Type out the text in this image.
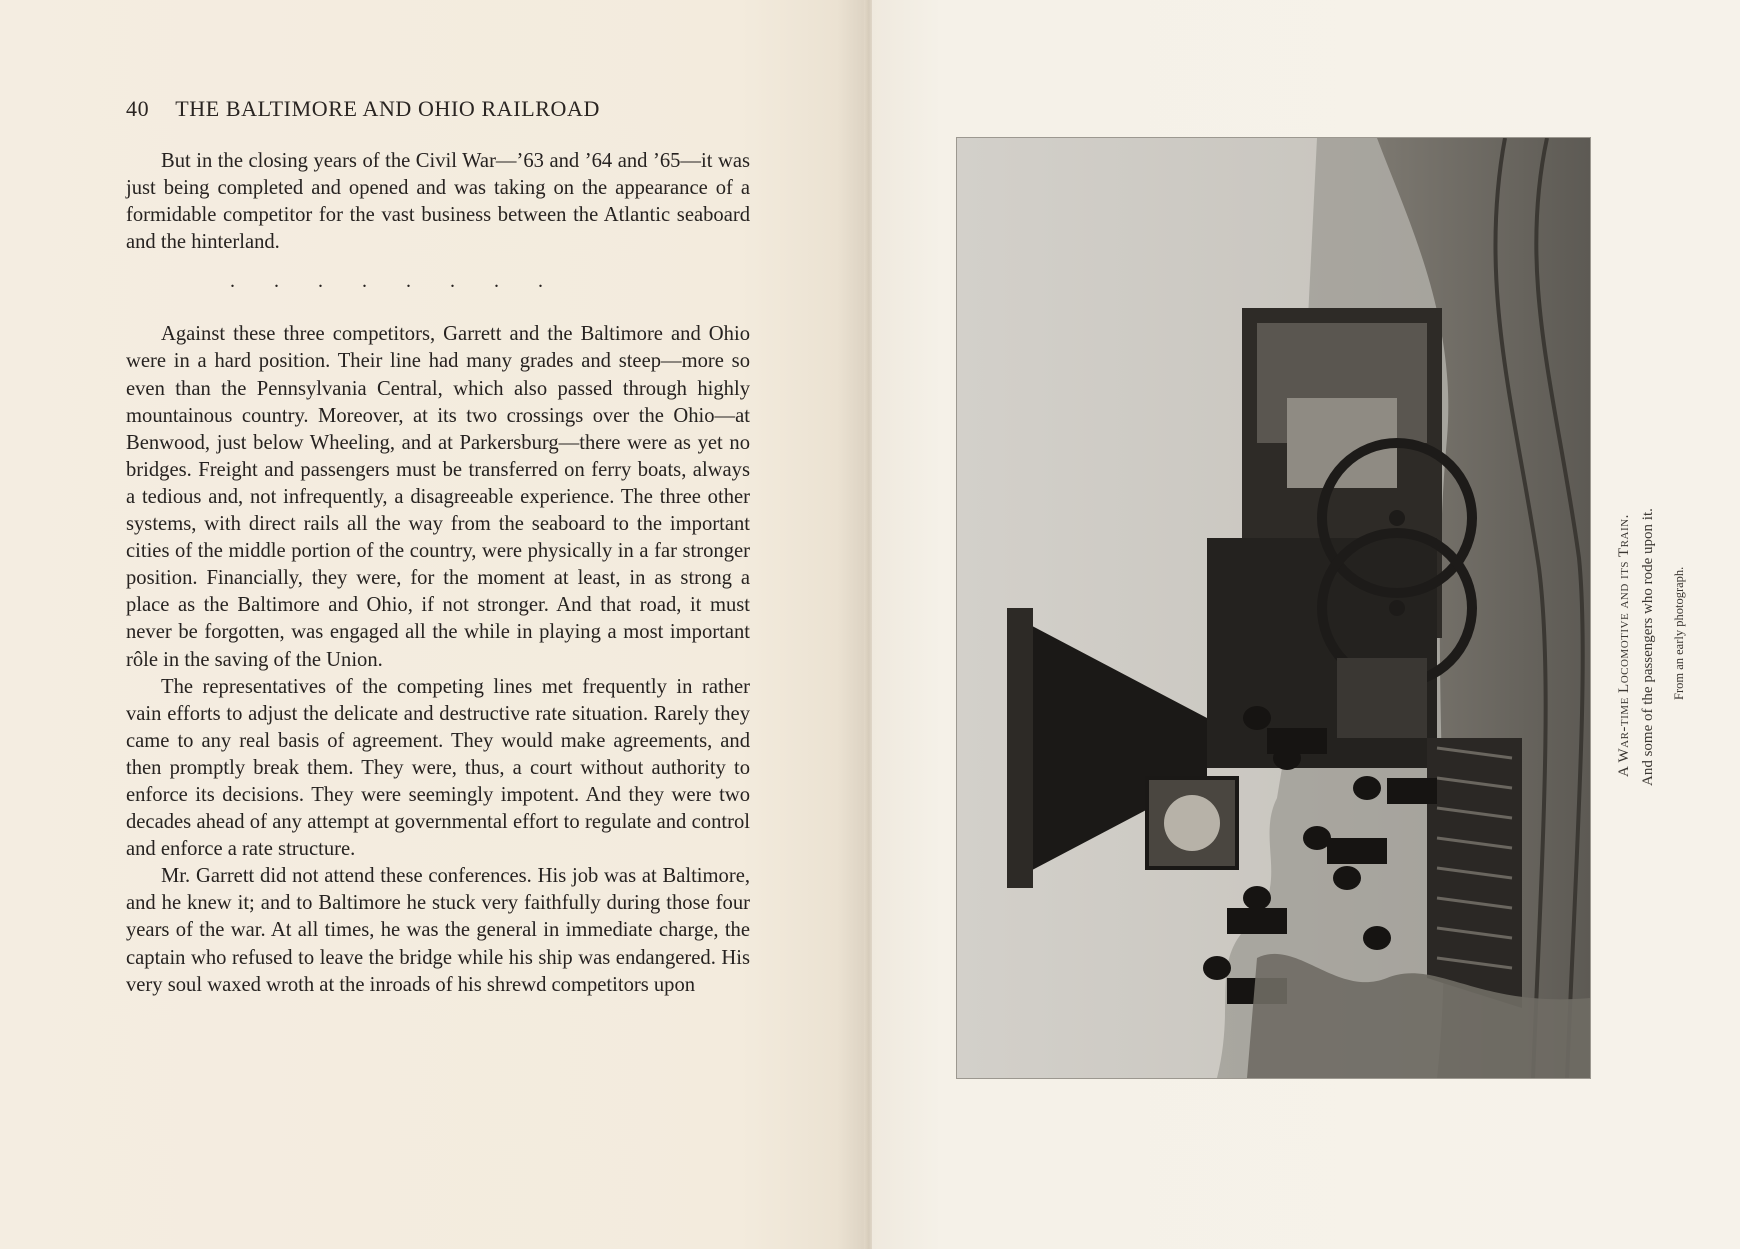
40 THE BALTIMORE AND OHIO RAILROAD

But in the closing years of the Civil War—’63 and ’64 and ’65—it was just being completed and opened and was taking on the appearance of a formidable competitor for the vast business between the Atlantic seaboard and the hinterland.

. . . . . . . .

Against these three competitors, Garrett and the Baltimore and Ohio were in a hard position. Their line had many grades and steep—more so even than the Pennsylvania Central, which also passed through highly mountainous country. Moreover, at its two crossings over the Ohio—at Benwood, just below Wheeling, and at Parkersburg—there were as yet no bridges. Freight and passengers must be transferred on ferry boats, always a tedious and, not infrequently, a disagreeable experience. The three other systems, with direct rails all the way from the seaboard to the important cities of the middle portion of the country, were physically in a far stronger position. Financially, they were, for the moment at least, in as strong a place as the Baltimore and Ohio, if not stronger. And that road, it must never be forgotten, was engaged all the while in playing a most important rôle in the saving of the Union.

The representatives of the competing lines met frequently in rather vain efforts to adjust the delicate and destructive rate situation. Rarely they came to any real basis of agreement. They would make agreements, and then promptly break them. They were, thus, a court without authority to enforce its decisions. They were seemingly impotent. And they were two decades ahead of any attempt at governmental effort to regulate and control and enforce a rate structure.

Mr. Garrett did not attend these conferences. His job was at Baltimore, and he knew it; and to Baltimore he stuck very faithfully during those four years of the war. At all times, he was the general in immediate charge, the captain who refused to leave the bridge while his ship was endangered. His very soul waxed wroth at the inroads of his shrewd competitors upon

A War-time Locomotive and its Train. And some of the passengers who rode upon it. From an early photograph.
